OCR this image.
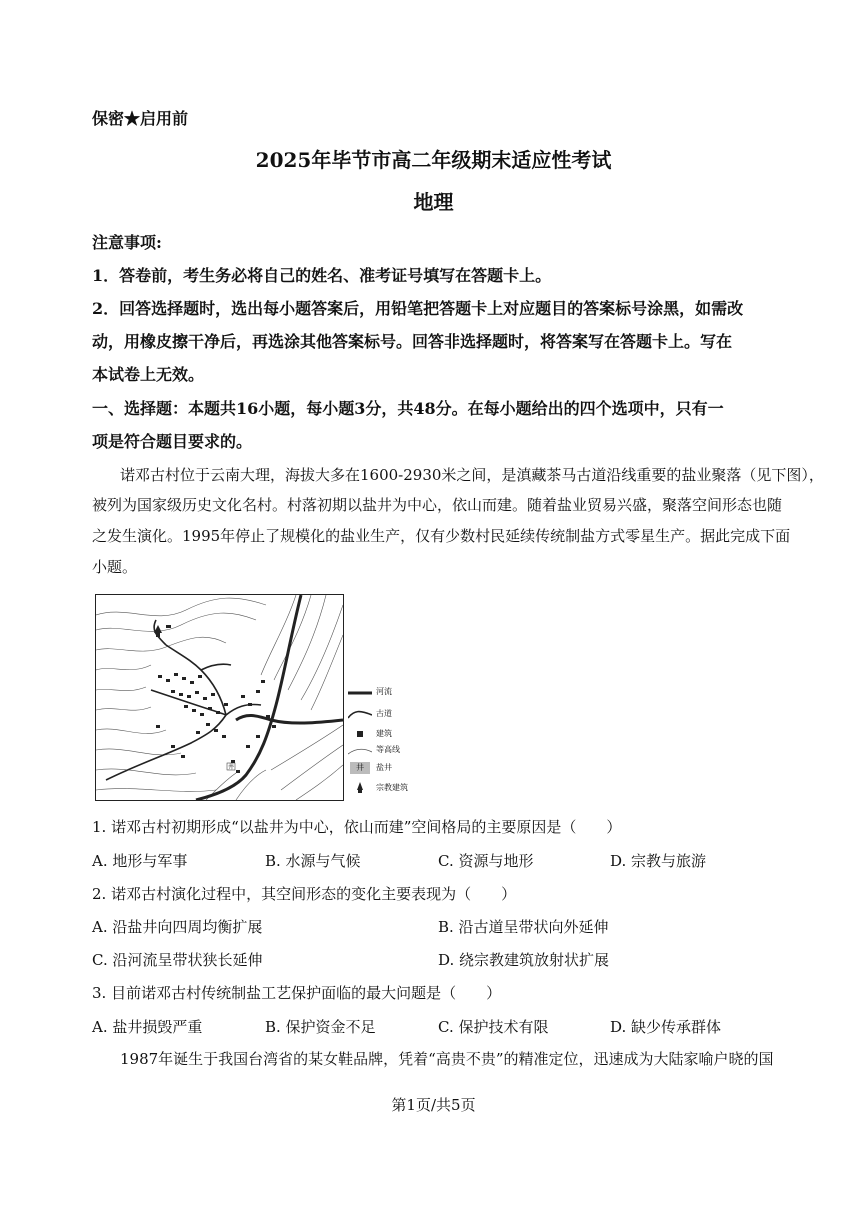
保密★启用前
2025年毕节市高二年级期末适应性考试
地理
注意事项:
1．答卷前，考生务必将自己的姓名、准考证号填写在答题卡上。
2．回答选择题时，选出每小题答案后，用铅笔把答题卡上对应题目的答案标号涂黑，如需改
动，用橡皮擦干净后，再选涂其他答案标号。回答非选择题时，将答案写在答题卡上。写在
本试卷上无效。
一、选择题：本题共16小题，每小题3分，共48分。在每小题给出的四个选项中，只有一
项是符合题目要求的。
诺邓古村位于云南大理，海拔大多在1600-2930米之间，是滇藏茶马古道沿线重要的盐业聚落（见下图），
被列为国家级历史文化名村。村落初期以盐井为中心，依山而建。随着盐业贸易兴盛，聚落空间形态也随
之发生演化。1995年停止了规模化的盐业生产，仅有少数村民延续传统制盐方式零星生产。据此完成下面
小题。
井
河流
古道
建筑
等高线
井	盐井
宗教建筑
1. 诺邓古村初期形成“以盐井为中心，依山而建”空间格局的主要原因是（　　）
A. 地形与军事	B. 水源与气候	C. 资源与地形	D. 宗教与旅游
2. 诺邓古村演化过程中，其空间形态的变化主要表现为（　　）
A. 沿盐井向四周均衡扩展	B. 沿古道呈带状向外延伸
C. 沿河流呈带状狭长延伸	D. 绕宗教建筑放射状扩展
3. 目前诺邓古村传统制盐工艺保护面临的最大问题是（　　）
A. 盐井损毁严重	B. 保护资金不足	C. 保护技术有限	D. 缺少传承群体
1987年诞生于我国台湾省的某女鞋品牌，凭着“高贵不贵”的精准定位，迅速成为大陆家喻户晓的国
第1页/共5页
